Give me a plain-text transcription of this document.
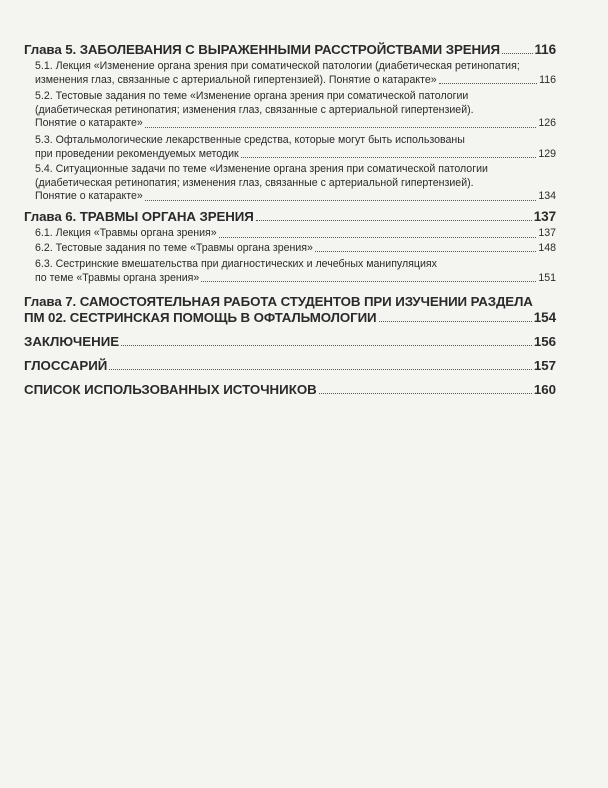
Глава 5. ЗАБОЛЕВАНИЯ С ВЫРАЖЕННЫМИ РАССТРОЙСТВАМИ ЗРЕНИЯ	116
5.1. Лекция «Изменение органа зрения при соматической патологии (диабетическая ретинопатия;
изменения глаз, связанные с артериальной гипертензией). Понятие о катаракте»	116
5.2. Тестовые задания по теме «Изменение органа зрения при соматической патологии
(диабетическая ретинопатия; изменения глаз, связанные с артериальной гипертензией).
Понятие о катаракте»	126
5.3. Офтальмологические лекарственные средства, которые могут быть использованы
при проведении рекомендуемых методик	129
5.4. Ситуационные задачи по теме «Изменение органа зрения при соматической патологии
(диабетическая ретинопатия; изменения глаз, связанные с артериальной гипертензией).
Понятие о катаракте»	134
Глава 6. ТРАВМЫ ОРГАНА ЗРЕНИЯ	137
6.1. Лекция «Травмы органа зрения»	137
6.2. Тестовые задания по теме «Травмы органа зрения»	148
6.3. Сестринские вмешательства при диагностических и лечебных манипуляциях
по теме «Травмы органа зрения»	151
Глава 7. САМОСТОЯТЕЛЬНАЯ РАБОТА СТУДЕНТОВ ПРИ ИЗУЧЕНИИ РАЗДЕЛА
ПМ 02. СЕСТРИНСКАЯ ПОМОЩЬ В ОФТАЛЬМОЛОГИИ	154
ЗАКЛЮЧЕНИЕ	156
ГЛОССАРИЙ	157
СПИСОК ИСПОЛЬЗОВАННЫХ ИСТОЧНИКОВ	160
